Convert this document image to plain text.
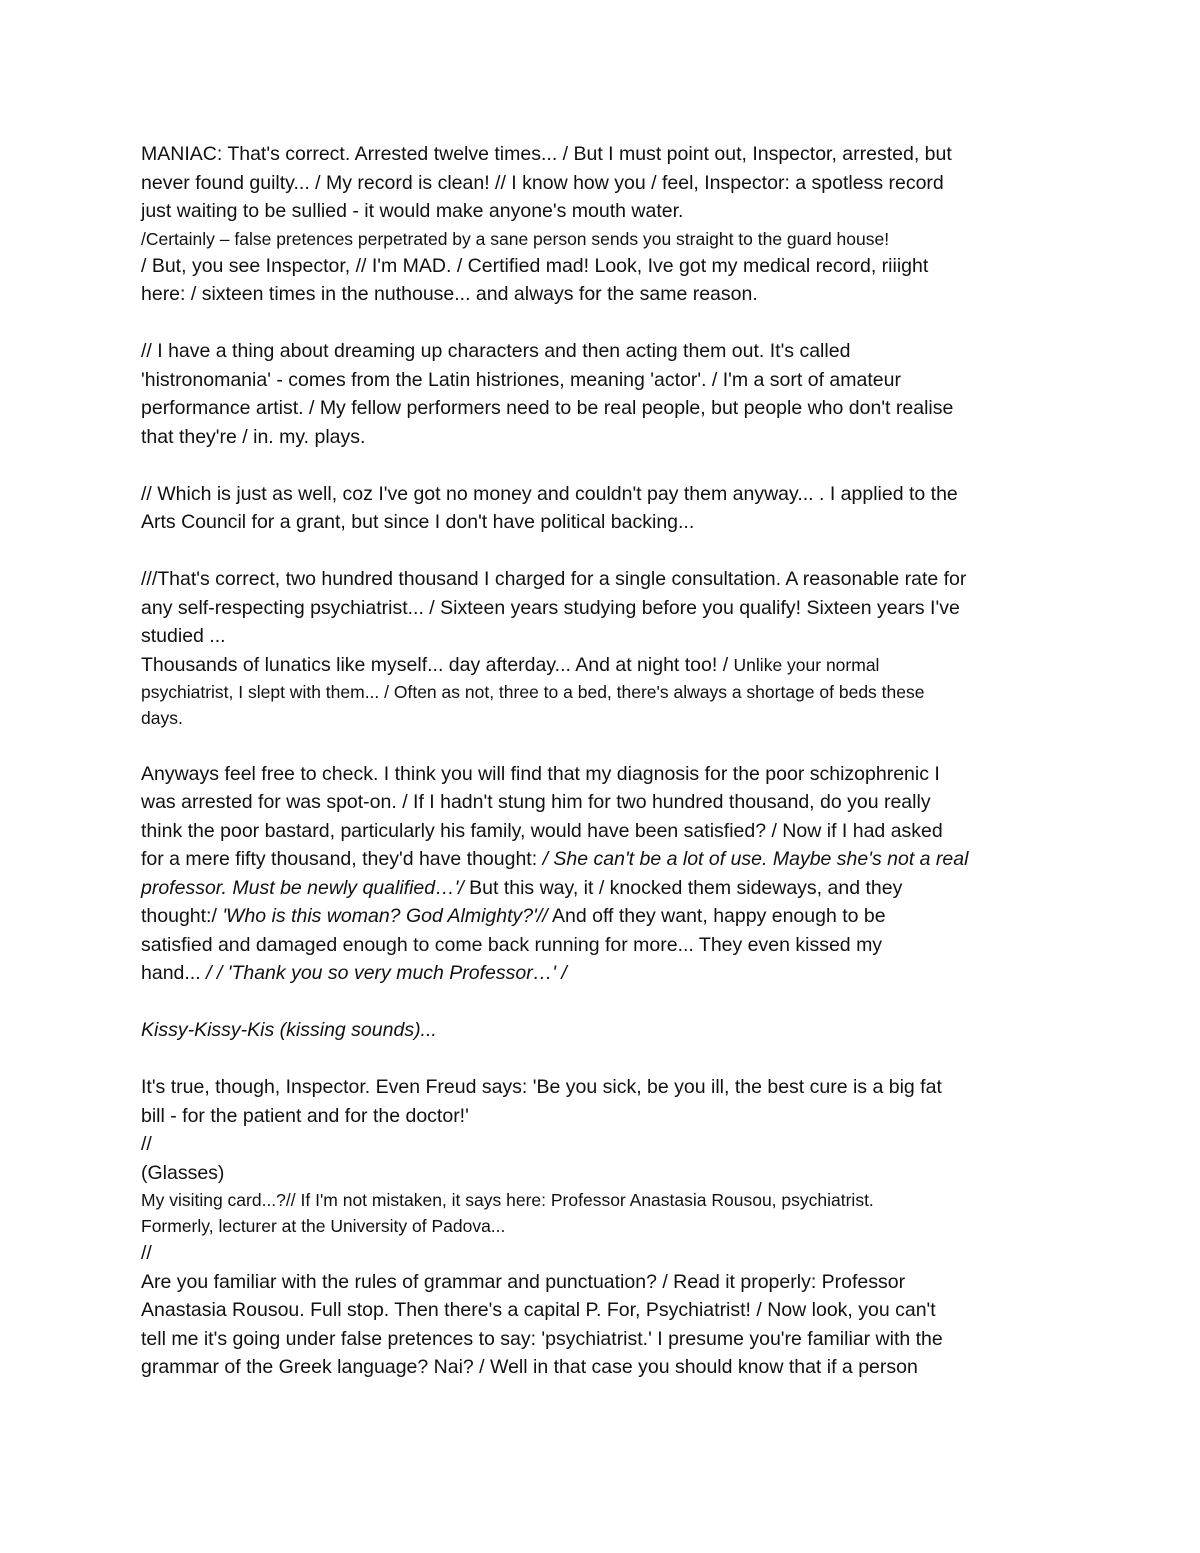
MANIAC: That's correct. Arrested twelve times... / But I must point out, Inspector, arrested, but
never found guilty... / My record is clean! // I know how you / feel, Inspector: a spotless record
just waiting to be sullied - it would make anyone's mouth water.
/Certainly – false pretences perpetrated by a sane person sends you straight to the guard house!
/ But, you see Inspector, // I'm MAD. / Certified mad! Look, Ive got my medical record, riiight
here: / sixteen times in the nuthouse... and always for the same reason.
// I have a thing about dreaming up characters and then acting them out. It's called
'histronomania' - comes from the Latin histriones, meaning 'actor'. / I'm a sort of amateur
performance artist. / My fellow performers need to be real people, but people who don't realise
that they're / in. my. plays.
// Which is just as well, coz I've got no money and couldn't pay them anyway... . I applied to the
Arts Council for a grant, but since I don't have political backing...
///That's correct, two hundred thousand I charged for a single consultation. A reasonable rate for
any self-respecting psychiatrist... / Sixteen years studying before you qualify! Sixteen years I've
studied ...
Thousands of lunatics like myself... day afterday... And at night too! / Unlike your normal
psychiatrist, I slept with them... / Often as not, three to a bed, there's always a shortage of beds these
days.
Anyways feel free to check. I think you will find that my diagnosis for the poor schizophrenic I
was arrested for was spot-on. / If I hadn't stung him for two hundred thousand, do you really
think the poor bastard, particularly his family, would have been satisfied? / Now if I had asked
for a mere fifty thousand, they'd have thought: / She can't be a lot of use. Maybe she's not a real
professor. Must be newly qualified…'/ But this way, it / knocked them sideways, and they
thought:/ 'Who is this woman? God Almighty?'// And off they want, happy enough to be
satisfied and damaged enough to come back running for more... They even kissed my
hand... / / 'Thank you so very much Professor…' /
Kissy-Kissy-Kis (kissing sounds)...
It's true, though, Inspector. Even Freud says: 'Be you sick, be you ill, the best cure is a big fat
bill - for the patient and for the doctor!'
//
(Glasses)
My visiting card...?// If I'm not mistaken, it says here: Professor Anastasia Rousou, psychiatrist.
Formerly, lecturer at the University of Padova...
//
Are you familiar with the rules of grammar and punctuation? / Read it properly: Professor
Anastasia Rousou. Full stop. Then there's a capital P. For, Psychiatrist! / Now look, you can't
tell me it's going under false pretences to say: 'psychiatrist.' I presume you're familiar with the
grammar of the Greek language? Nai? / Well in that case you should know that if a person
